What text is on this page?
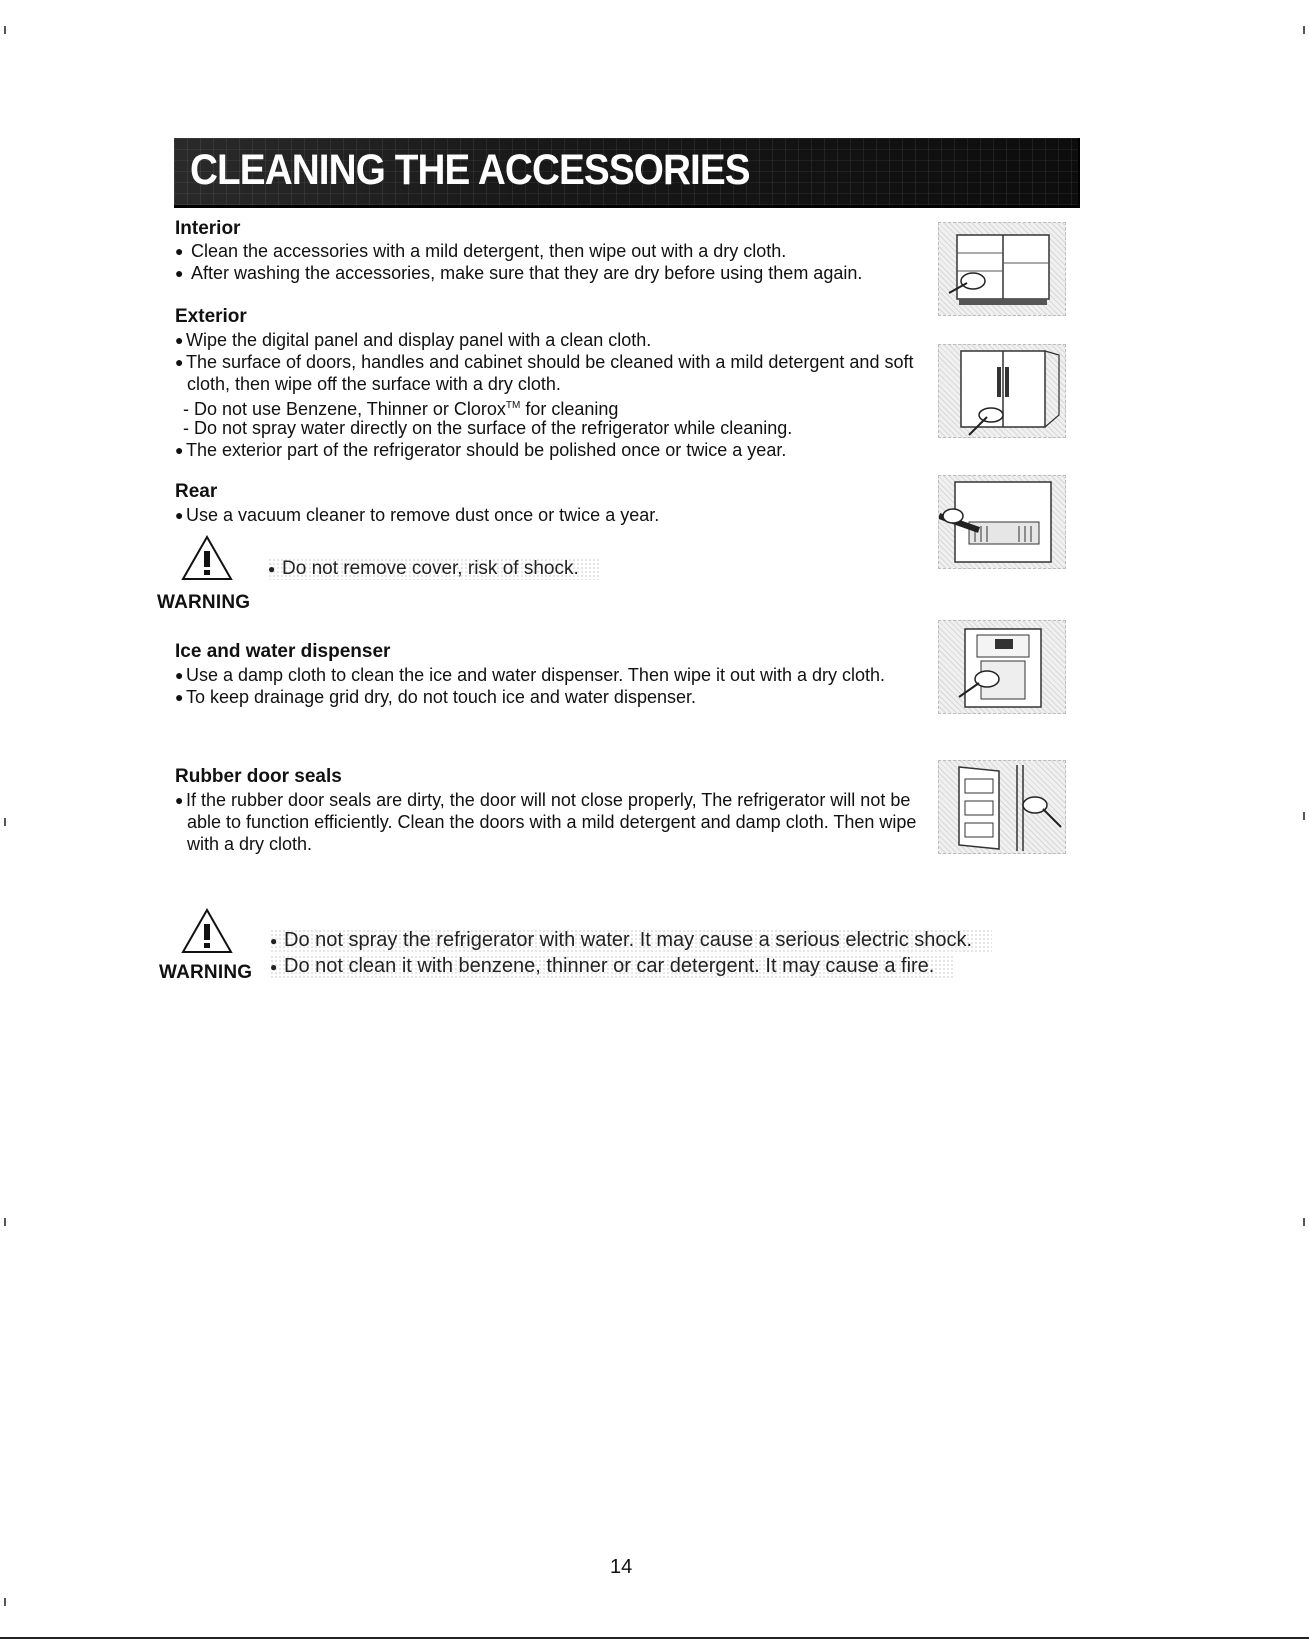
CLEANING THE ACCESSORIES
Interior
● Clean the accessories with a mild detergent, then wipe out with a dry cloth.
● After washing the accessories, make sure that they are dry before using them again.
Exterior
● Wipe the digital panel and display panel with a clean cloth.
● The surface of doors, handles and cabinet should be cleaned with a mild detergent and soft
cloth, then wipe off the surface with a dry cloth.
- Do not use Benzene, Thinner or Clorox™ for cleaning
- Do not spray water directly on the surface of the refrigerator while cleaning.
● The exterior part of the refrigerator should be polished once or twice a year.
Rear
● Use a vacuum cleaner to remove dust once or twice a year.
WARNING
● Do not remove cover, risk of shock.
Ice and water dispenser
● Use a damp cloth to clean the ice and water dispenser. Then wipe it out with a dry cloth.
● To keep drainage grid dry, do not touch ice and water dispenser.
Rubber door seals
● If the rubber door seals are dirty, the door will not close properly, The refrigerator will not be
able to function efficiently. Clean the doors with a mild detergent and damp cloth. Then wipe
with a dry cloth.
WARNING
● Do not spray the refrigerator with water. It may cause a serious electric shock.
● Do not clean it with benzene, thinner or car detergent. It may cause a fire.
14
